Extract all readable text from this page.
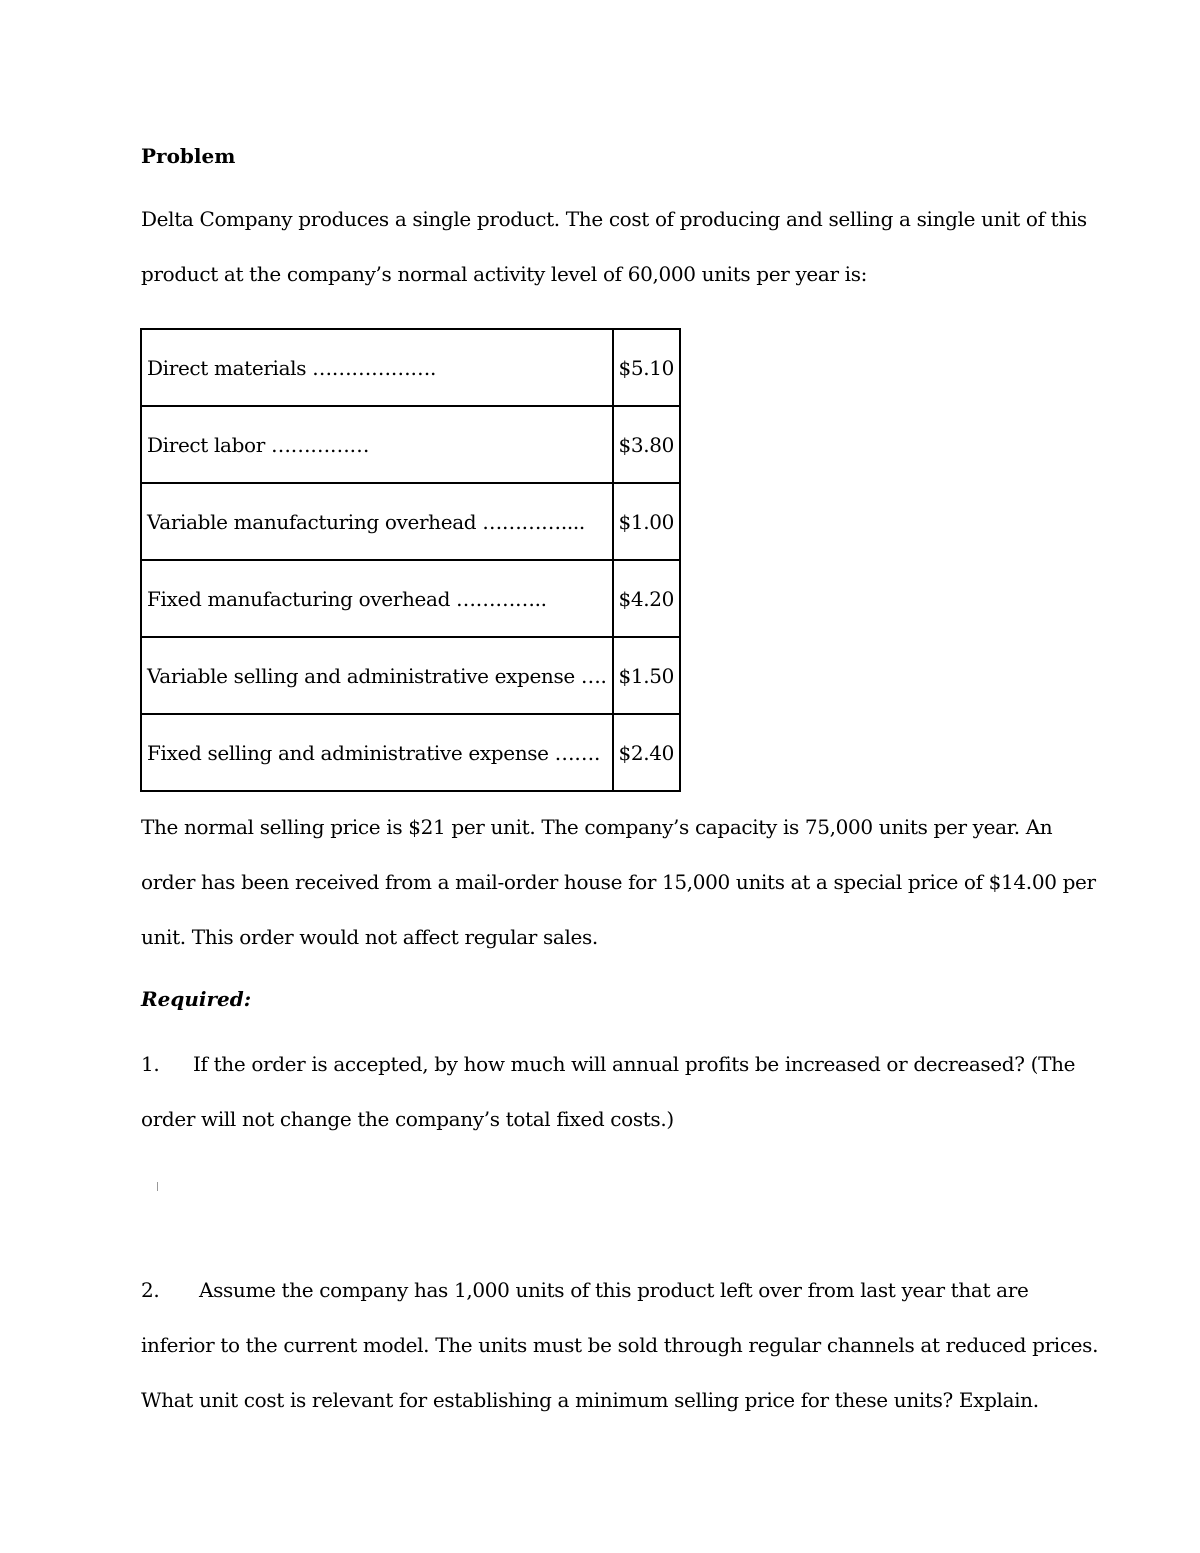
Problem

Delta Company produces a single product. The cost of producing and selling a single unit of this

product at the company’s normal activity level of 60,000 units per year is:

Direct materials ……………….	$5.10
Direct labor ……………	$3.80
Variable manufacturing overhead …………....	$1.00
Fixed manufacturing overhead …………..	$4.20
Variable selling and administrative expense ….	$1.50
Fixed selling and administrative expense …….	$2.40

The normal selling price is $21 per unit. The company’s capacity is 75,000 units per year. An

order has been received from a mail-order house for 15,000 units at a special price of $14.00 per

unit. This order would not affect regular sales.

Required:

1. If the order is accepted, by how much will annual profits be increased or decreased? (The

order will not change the company’s total fixed costs.)

2. Assume the company has 1,000 units of this product left over from last year that are

inferior to the current model. The units must be sold through regular channels at reduced prices.

What unit cost is relevant for establishing a minimum selling price for these units? Explain.
